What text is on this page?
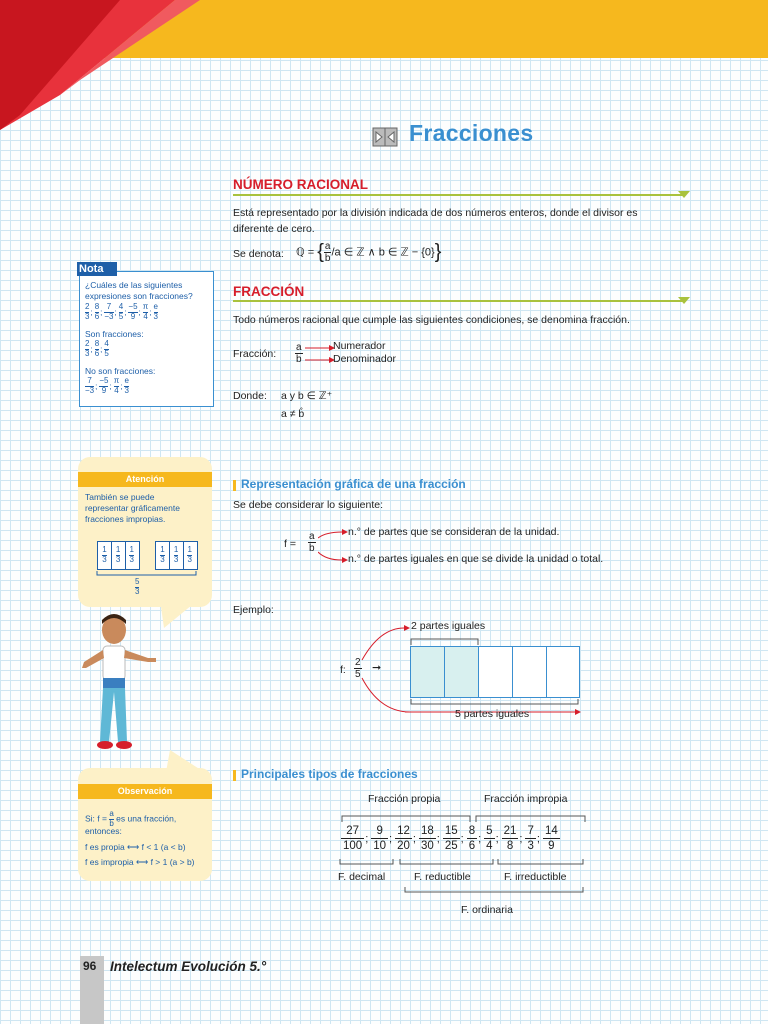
Fracciones
NÚMERO RACIONAL
Está representado por la división indicada de dos números enteros, donde el divisor es
diferente de cero.
Se denota: ℚ = { $\frac{a}{b} /a$ ∈ ℤ ∧ b ∈ ℤ − {0}}
FRACCIÓN
Todo números racional que cumple las siguientes condiciones, se denomina fracción.
Fracción: $\frac{a}{b}$	Numerador
Denominador
Donde: a y b ∈ ℤ⁺
a ≠ b̊
Representación gráfica de una fracción
Se debe considerar lo siguiente:
$f = \frac{a}{b}$	n.° de partes que se consideran de la unidad.
n.° de partes iguales en que se divide la unidad o total.
Ejemplo:
f: $\frac{2}{5}$ ➞
2 partes iguales
5 partes iguales
Principales tipos de fracciones
Fracción propia	Fracción impropia
$\frac{27}{100}$ ; $\frac{9}{10}$ ; $\frac{12}{20}$ ; $\frac{18}{30}$ ; $\frac{15}{25}$ ; $\frac{8}{6}$ ; $\frac{5}{4}$ ; $\frac{21}{8}$ ; $\frac{7}{3}$ ; $\frac{14}{9}$
F. decimal	F. reductible	F. irreductible
F. ordinaria
Nota
¿Cuáles de las siguientes
expresiones son fracciones?
$\frac{2}{3}$; $\frac{8}{6}$; $\frac{7}{-3}$; $\frac{4}{5}$; $\frac{-5}{9}$; $\frac{\pi}{4}$; $\frac{e}{3}$
Son fracciones:
$\frac{2}{3}$; $\frac{8}{6}$; $\frac{4}{5}$
No son fracciones:
$\frac{7}{-3}$; $\frac{-5}{9}$; $\frac{\pi}{4}$; $\frac{e}{3}$
Atención
También se puede
representar gráficamente
fracciones impropias.
$\frac{1}{3}$	$\frac{1}{3}$	$\frac{1}{3}$	$\frac{1}{3}$	$\frac{1}{3}$	$\frac{1}{3}$
$\frac{5}{3}$
Observación
Si: $f = \frac{a}{b}$ es una fracción,
entonces:
f es propia ⟷ f < 1 (a < b)
f es impropia ⟷ f > 1 (a > b)
96 Intelectum Evolución 5.°
